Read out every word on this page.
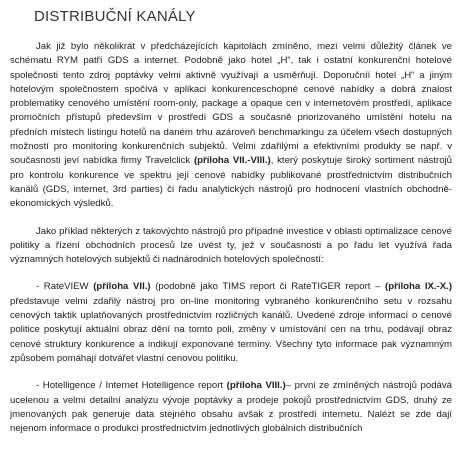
DISTRIBUČNÍ KANÁLY

Jak již bylo několikrát v předcházejících kapitolách zmíněno, mezi velmi důležitý článek ve schématu RYM patří GDS a internet. Podobně jako hotel „H“, tak i ostatní konkurenční hotelové společnosti tento zdroj poptávky velmi aktivně využívají a usměrňují. Doporučníí hotel „H“ a jiným hotelovým společnostem spočívá v aplikaci konkurenceschopné cenové nabídky a dobrá znalost problematiky cenového umístění room-only, package a opaque cen v internetovém prostředí, aplikace promočních přístupů především v prostředí GDS a současně priorizovaného umístění hotelu na předních místech listingu hotelů na daném trhu azároveň benchmarkingu za účelem všech dostupných možností pro monitoring konkurenčních subjektů. Velmi zdařilými a efektivními produkty se např. v současnosti jeví nabídka firmy Travelclick (příloha VII.-VIII.), který poskytuje široký sortiment nástrojů pro kontrolu konkurence ve spektru její cenové nabídky publikované prostřednictvím distribučních kanálů (GDS, internet, 3rd parties) či řadu analytických nástrojů pro hodnocení vlastních obchodně-ekonomických výsledků.

Jako příklad některých z takovýchto nástrojů pro případné investice v oblasti optimalizace cenové politiky a řízení obchodních procesů lze uvést ty, jež v současnosti a po řadu let využívá řada významných hotelových subjektů či nadnárodních hotelových společností:

- RateVIEW (příloha VII.) (podobně jako TIMS report či RateTIGER report – (příloha IX.-X.) představuje velmi zdařilý nástroj pro on-line monitoring vybraného konkurenčního setu v rozsahu cenových taktik uplatňovaných prostřednictvím rozličných kanálů. Uvedené zdroje informací o cenové politice poskytují aktuální obraz dění na tomto poli, změny v umístování cen na trhu, podávají obraz cenové struktury konkurence a indikují exponované termíny. Všechny tyto informace pak významným způsobem pomáhají dotvářet vlastní cenovou politiku.

- Hotelligence / Internet Hotelligence report (příloha VIII.)– prvni ze zmíněných nástrojů podává ucelenou a velmi detailní analýzu vývoje poptávky a prodeje pokojů prostřednictvím GDS, druhý ze jmenovaných pak generuje data stejného obsahu avšak z prostředí internetu. Nalézt se zde dají nejenom informace o produkci prostřednictvím jednotlivých globálních distribučních
